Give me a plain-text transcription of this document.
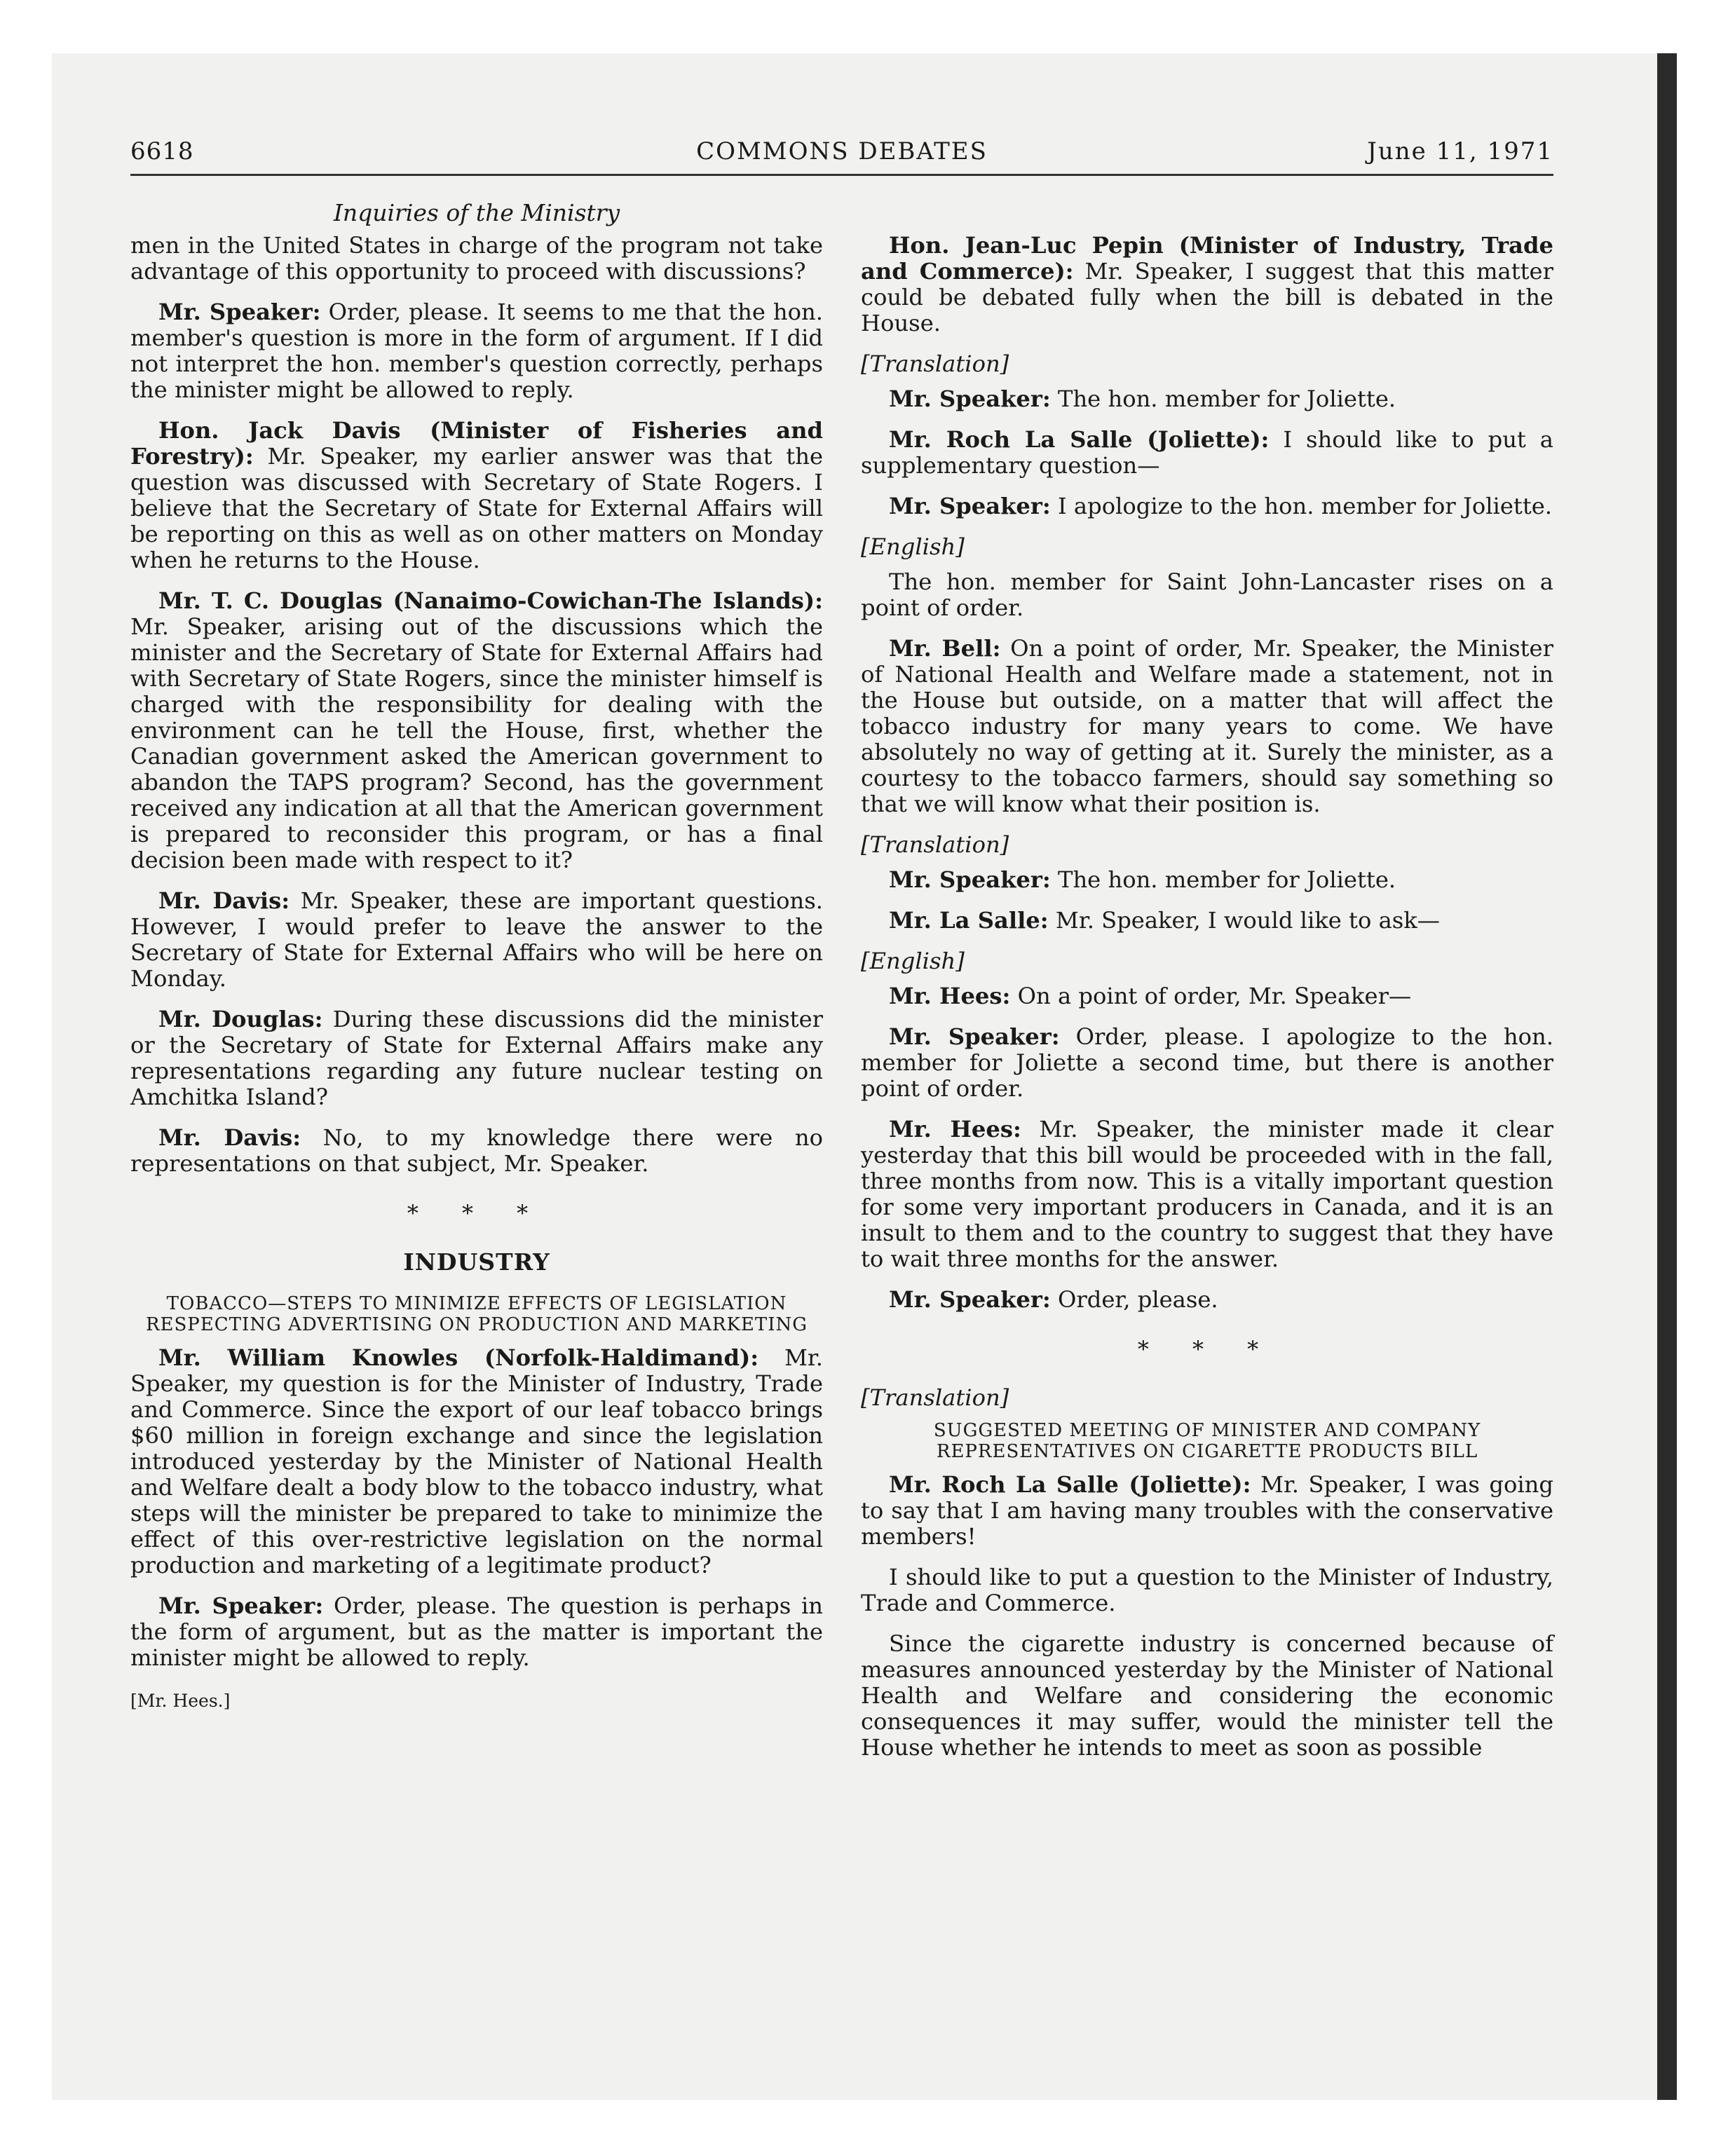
6618	COMMONS DEBATES	June 11, 1971
Inquiries of the Ministry

men in the United States in charge of the program not take advantage of this opportunity to proceed with discussions?

Mr. Speaker: Order, please. It seems to me that the hon. member's question is more in the form of argument. If I did not interpret the hon. member's question correctly, perhaps the minister might be allowed to reply.

Hon. Jack Davis (Minister of Fisheries and Forestry): Mr. Speaker, my earlier answer was that the question was discussed with Secretary of State Rogers. I believe that the Secretary of State for External Affairs will be reporting on this as well as on other matters on Monday when he returns to the House.

Mr. T. C. Douglas (Nanaimo-Cowichan-The Islands): Mr. Speaker, arising out of the discussions which the minister and the Secretary of State for External Affairs had with Secretary of State Rogers, since the minister himself is charged with the responsibility for dealing with the environment can he tell the House, first, whether the Canadian government asked the American government to abandon the TAPS program? Second, has the government received any indication at all that the American government is prepared to reconsider this program, or has a final decision been made with respect to it?

Mr. Davis: Mr. Speaker, these are important questions. However, I would prefer to leave the answer to the Secretary of State for External Affairs who will be here on Monday.

Mr. Douglas: During these discussions did the minister or the Secretary of State for External Affairs make any representations regarding any future nuclear testing on Amchitka Island?

Mr. Davis: No, to my knowledge there were no representations on that subject, Mr. Speaker.

* * *
INDUSTRY
TOBACCO—STEPS TO MINIMIZE EFFECTS OF LEGISLATION RESPECTING ADVERTISING ON PRODUCTION AND MARKETING

Mr. William Knowles (Norfolk-Haldimand): Mr. Speaker, my question is for the Minister of Industry, Trade and Commerce. Since the export of our leaf tobacco brings $60 million in foreign exchange and since the legislation introduced yesterday by the Minister of National Health and Welfare dealt a body blow to the tobacco industry, what steps will the minister be prepared to take to minimize the effect of this over-restrictive legislation on the normal production and marketing of a legitimate product?

Mr. Speaker: Order, please. The question is perhaps in the form of argument, but as the matter is important the minister might be allowed to reply.

[Mr. Hees.]

Hon. Jean-Luc Pepin (Minister of Industry, Trade and Commerce): Mr. Speaker, I suggest that this matter could be debated fully when the bill is debated in the House.

[Translation]

Mr. Speaker: The hon. member for Joliette.

Mr. Roch La Salle (Joliette): I should like to put a supplementary question—

Mr. Speaker: I apologize to the hon. member for Joliette.

[English]

The hon. member for Saint John-Lancaster rises on a point of order.

Mr. Bell: On a point of order, Mr. Speaker, the Minister of National Health and Welfare made a statement, not in the House but outside, on a matter that will affect the tobacco industry for many years to come. We have absolutely no way of getting at it. Surely the minister, as a courtesy to the tobacco farmers, should say something so that we will know what their position is.

[Translation]

Mr. Speaker: The hon. member for Joliette.

Mr. La Salle: Mr. Speaker, I would like to ask—

[English]

Mr. Hees: On a point of order, Mr. Speaker—

Mr. Speaker: Order, please. I apologize to the hon. member for Joliette a second time, but there is another point of order.

Mr. Hees: Mr. Speaker, the minister made it clear yesterday that this bill would be proceeded with in the fall, three months from now. This is a vitally important question for some very important producers in Canada, and it is an insult to them and to the country to suggest that they have to wait three months for the answer.

Mr. Speaker: Order, please.

* * *
[Translation]
SUGGESTED MEETING OF MINISTER AND COMPANY REPRESENTATIVES ON CIGARETTE PRODUCTS BILL

Mr. Roch La Salle (Joliette): Mr. Speaker, I was going to say that I am having many troubles with the conservative members!

I should like to put a question to the Minister of Industry, Trade and Commerce.

Since the cigarette industry is concerned because of measures announced yesterday by the Minister of National Health and Welfare and considering the economic consequences it may suffer, would the minister tell the House whether he intends to meet as soon as possible
